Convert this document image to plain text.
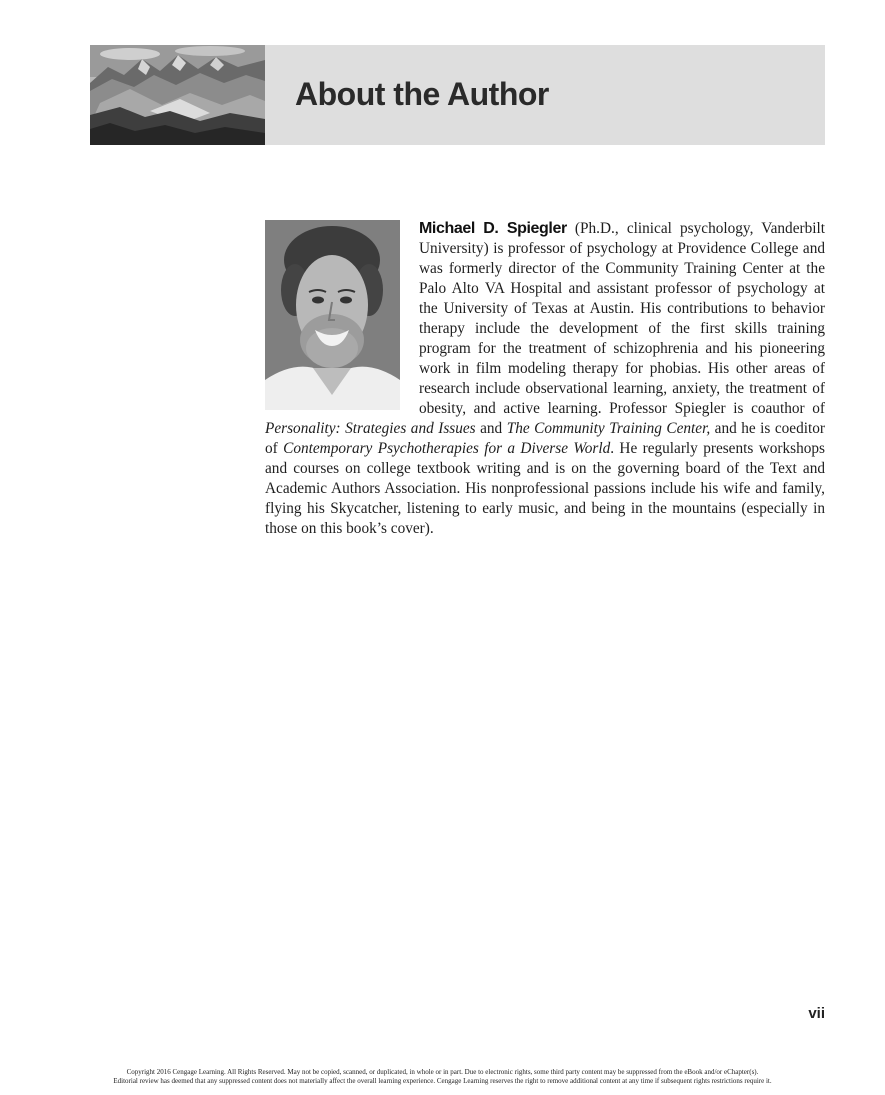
About the Author
Michael D. Spiegler (Ph.D., clinical psychology, Vanderbilt University) is professor of psychology at Providence College and was formerly director of the Community Training Center at the Palo Alto VA Hospital and assistant professor of psychology at the University of Texas at Austin. His contributions to behavior therapy include the development of the first skills training program for the treatment of schizophrenia and his pioneering work in film modeling therapy for phobias. His other areas of research include observational learning, anxiety, the treatment of obesity, and active learning. Professor Spiegler is coauthor of Personality: Strategies and Issues and The Community Training Center, and he is coeditor of Contemporary Psychotherapies for a Diverse World. He regularly presents workshops and courses on college textbook writing and is on the governing board of the Text and Academic Authors Association. His nonprofessional passions include his wife and family, flying his Skycatcher, listening to early music, and being in the mountains (especially in those on this book’s cover).
vii
Copyright 2016 Cengage Learning. All Rights Reserved. May not be copied, scanned, or duplicated, in whole or in part. Due to electronic rights, some third party content may be suppressed from the eBook and/or eChapter(s).
Editorial review has deemed that any suppressed content does not materially affect the overall learning experience. Cengage Learning reserves the right to remove additional content at any time if subsequent rights restrictions require it.
